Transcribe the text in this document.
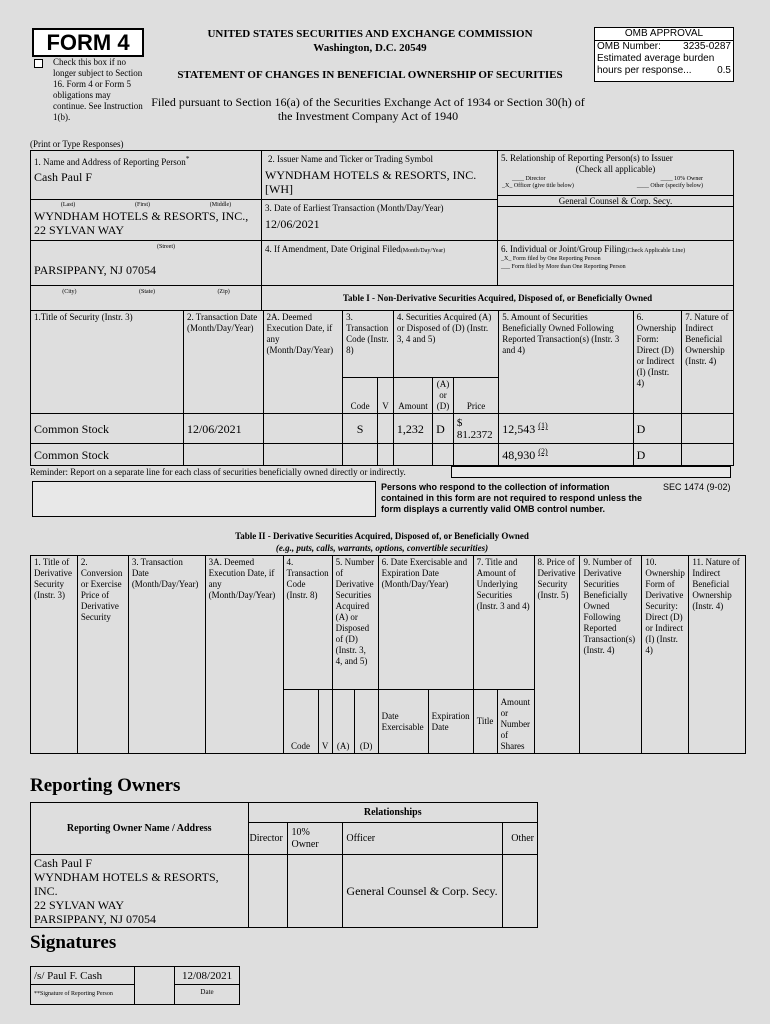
FORM 4
Check this box if no longer subject to Section 16. Form 4 or Form 5 obligations may continue. See Instruction 1(b).
UNITED STATES SECURITIES AND EXCHANGE COMMISSION
Washington, D.C. 20549
STATEMENT OF CHANGES IN BENEFICIAL OWNERSHIP OF SECURITIES
Filed pursuant to Section 16(a) of the Securities Exchange Act of 1934 or Section 30(h) of the Investment Company Act of 1940
OMB APPROVAL
OMB Number: 3235-0287
Estimated average burden
hours per response...	0.5
(Print or Type Responses)
1. Name and Address of Reporting Person*
Cash Paul F
(Last)	(First)	(Middle)
WYNDHAM HOTELS & RESORTS, INC., 22 SYLVAN WAY
(Street)
PARSIPPANY, NJ 07054
(City)	(State)	(Zip)
2. Issuer Name and Ticker or Trading Symbol
WYNDHAM HOTELS & RESORTS, INC.
[WH]
3. Date of Earliest Transaction (Month/Day/Year)
12/06/2021
4. If Amendment, Date Original Filed(Month/Day/Year)
5. Relationship of Reporting Person(s) to Issuer
(Check all applicable)
____ Director	____ 10% Owner
_X_ Officer (give title below)	____ Other (specify below)
General Counsel & Corp. Secy.
6. Individual or Joint/Group Filing(Check Applicable Line)
_X_ Form filed by One Reporting Person
___ Form filed by More than One Reporting Person
Table I - Non-Derivative Securities Acquired, Disposed of, or Beneficially Owned
1.Title of Security (Instr. 3)	2. Transaction Date (Month/Day/Year)	2A. Deemed Execution Date, if any (Month/Day/Year)	3. Transaction Code (Instr. 8)		4. Securities Acquired (A) or Disposed of (D) (Instr. 3, 4 and 5)			5. Amount of Securities Beneficially Owned Following Reported Transaction(s) (Instr. 3 and 4)	6. Ownership Form: Direct (D) or Indirect (I) (Instr. 4)	7. Nature of Indirect Beneficial Ownership (Instr. 4)
			Code	V	Amount	(A) or (D)	Price			
Common Stock	12/06/2021		S		1,232	D	$ 81.2372	12,543 $^{(1)}$	D	
Common Stock								48,930 $^{(2)}$	D	
Reminder: Report on a separate line for each class of securities beneficially owned directly or indirectly.
Persons who respond to the collection of information contained in this form are not required to respond unless the form displays a currently valid OMB control number.
SEC 1474 (9-02)
Table II - Derivative Securities Acquired, Disposed of, or Beneficially Owned
(e.g., puts, calls, warrants, options, convertible securities)
1. Title of Derivative Security (Instr. 3)	2. Conversion or Exercise Price of Derivative Security	3. Transaction Date (Month/Day/Year)	3A. Deemed Execution Date, if any (Month/Day/Year)	4. Transaction Code (Instr. 8)		5. Number of Derivative Securities Acquired (A) or Disposed of (D) (Instr. 3, 4, and 5)		6. Date Exercisable and Expiration Date (Month/Day/Year)		7. Title and Amount of Underlying Securities (Instr. 3 and 4)		8. Price of Derivative Security (Instr. 5)	9. Number of Derivative Securities Beneficially Owned Following Reported Transaction(s) (Instr. 4)	10. Ownership Form of Derivative Security: Direct (D) or Indirect (I) (Instr. 4)	11. Nature of Indirect Beneficial Ownership (Instr. 4)
				Code	V	(A)	(D)	Date Exercisable	Expiration Date	Title	Amount or Number of Shares				
Reporting Owners
Reporting Owner Name / Address	Relationships			
	Director	10% Owner	Officer	Other

Cash Paul F
WYNDHAM HOTELS & RESORTS, INC.
22 SYLVAN WAY
PARSIPPANY, NJ 07054			General Counsel & Corp. Secy.	
Signatures
/s/ Paul F. Cash		12/08/2021
**Signature of Reporting Person		Date
